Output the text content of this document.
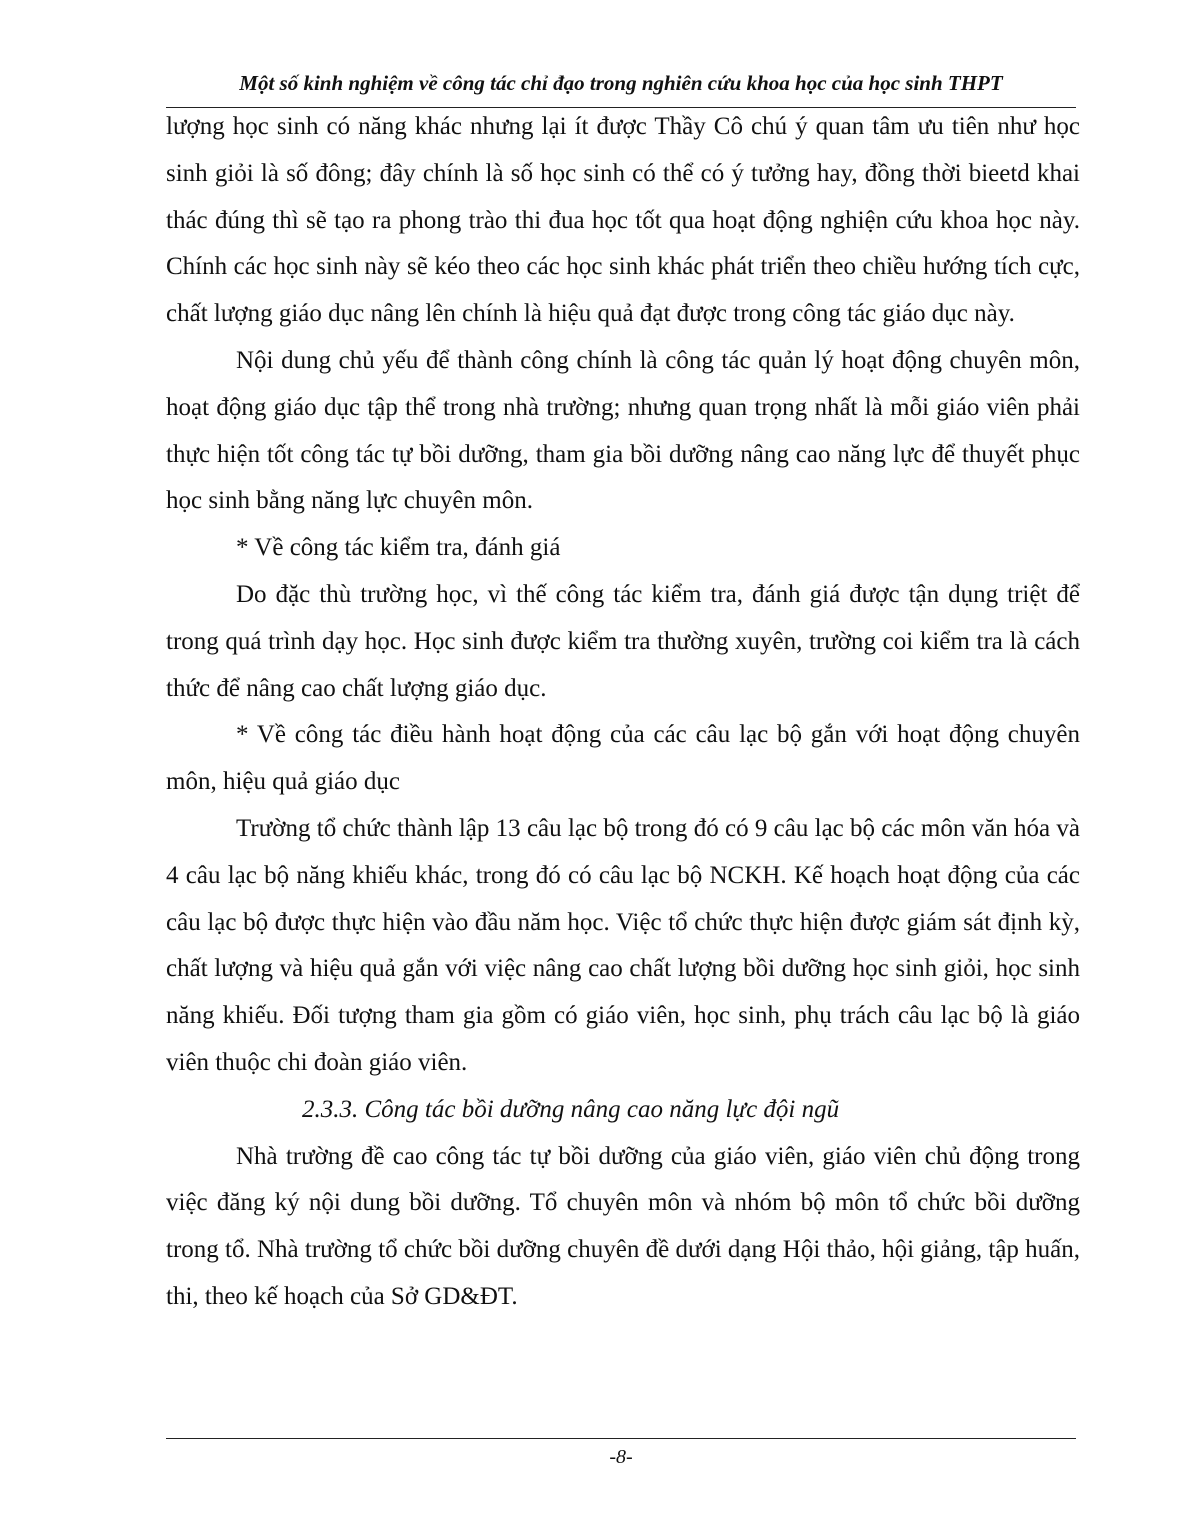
Một số kinh nghiệm về công tác chỉ đạo trong nghiên cứu khoa học của học sinh THPT

lượng học sinh có năng khác nhưng lại ít được Thầy Cô chú ý quan tâm ưu tiên như học sinh giỏi là số đông; đây chính là số học sinh có thể có ý tưởng hay, đồng thời bieetd khai thác đúng thì sẽ tạo ra phong trào thi đua học tốt qua hoạt động nghiện cứu khoa học này. Chính các học sinh này sẽ kéo theo các học sinh khác phát triển theo chiều hướng tích cực, chất lượng giáo dục nâng lên chính là hiệu quả đạt được trong công tác giáo dục này.

Nội dung chủ yếu để thành công chính là công tác quản lý hoạt động chuyên môn, hoạt động giáo dục tập thể trong nhà trường; nhưng quan trọng nhất là mỗi giáo viên phải thực hiện tốt công tác tự bồi dưỡng, tham gia bồi dưỡng nâng cao năng lực để thuyết phục học sinh bằng năng lực chuyên môn.

* Về công tác kiểm tra, đánh giá

Do đặc thù trường học, vì thế công tác kiểm tra, đánh giá được tận dụng triệt để trong quá trình dạy học. Học sinh được kiểm tra thường xuyên, trường coi kiểm tra là cách thức để nâng cao chất lượng giáo dục.

* Về công tác điều hành hoạt động của các câu lạc bộ gắn với hoạt động chuyên môn, hiệu quả giáo dục

Trường tổ chức thành lập 13 câu lạc bộ trong đó có 9 câu lạc bộ các môn văn hóa và 4 câu lạc bộ năng khiếu khác, trong đó có câu lạc bộ NCKH. Kế hoạch hoạt động của các câu lạc bộ được thực hiện vào đầu năm học. Việc tổ chức thực hiện được giám sát định kỳ, chất lượng và hiệu quả gắn với việc nâng cao chất lượng bồi dưỡng học sinh giỏi, học sinh năng khiếu. Đối tượng tham gia gồm có giáo viên, học sinh, phụ trách câu lạc bộ là giáo viên thuộc chi đoàn giáo viên.

2.3.3. Công tác bồi dưỡng nâng cao năng lực đội ngũ

Nhà trường đề cao công tác tự bồi dưỡng của giáo viên, giáo viên chủ động trong việc đăng ký nội dung bồi dưỡng. Tổ chuyên môn và nhóm bộ môn tổ chức bồi dưỡng trong tổ. Nhà trường tổ chức bồi dưỡng chuyên đề dưới dạng Hội thảo, hội giảng, tập huấn, thi, theo kế hoạch của Sở GD&ĐT.

-8-
